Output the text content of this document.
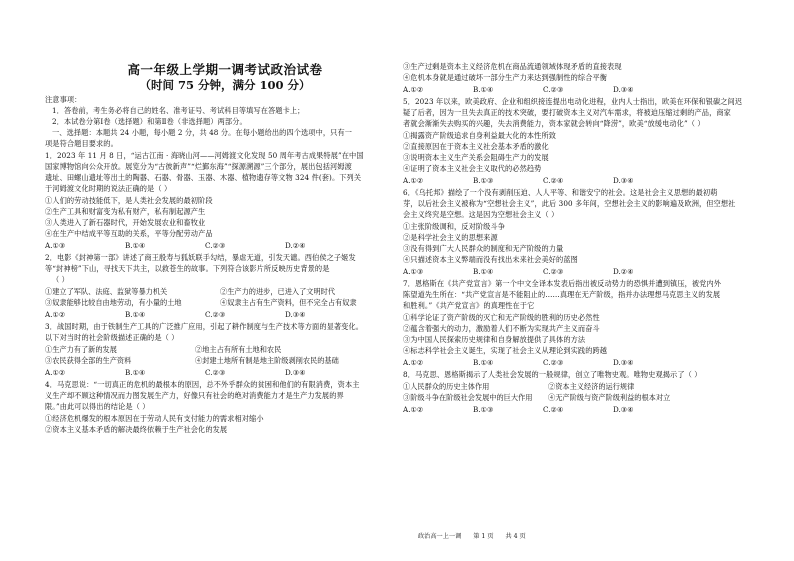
高一年级上学期一调考试政治试卷
（时间 75 分钟，满分 100 分）
注意事项：
1．答卷前，考生务必将自己的姓名、准考证号、考试科目等填写在答题卡上；
2．本试卷分第Ⅰ卷（选择题）和第Ⅱ卷（非选择题）两部分。
一、选择题：本题共 24 小题，每小题 2 分，共 48 分。在每小题给出的四个选项中，只有一
项是符合题目要求的。
1．2023 年 11 月 8 日，“运古江南 · 海晓山河——河姆渡文化发现 50 周年考古成果特展”在中国
国家博物馆向公众开放。展览分为“古彼新声”“烂鄞东海”“探源溯源”三个部分，展出包括河姆渡
遗址、田螺山遗址等出土的陶器、石器、骨器、玉器、木器、植物遗存等文物 324 件(套)。下列关
于河姆渡文化时期的说法正确的是（ ）
①人们的劳动技能低下，是人类社会发展的最初阶段
②生产工具和财富变为私有财产，私有制起源产生
③人类进入了新石器时代，开始发展农业和畜牧业
④在生产中结成平等互助的关系，平等分配劳动产品
A.①③	B.①④	C.②③	D.②④
2．电影《封神第一部》讲述了商王殷寿与狐妖联手勾结，暴虐无道，引发天谴。西伯侯之子姬发
等“封神榜”下山，寻找天下共主，以救苍生的故事。下列符合该影片所反映历史背景的是
（ ）
①建立了军队、法庭、监狱等暴力机关	②生产力的进步，已进入了文明时代
③奴隶能够比较自由地劳动，有小量的土地	④奴隶主占有生产资料，但不完全占有奴隶
A.①②	B.①④	C.②③	D.③④
3．战国时期，由于铁制生产工具的广泛推广应用，引起了耕作制度与生产技术等方面的显著变化。
以下对当时的社会阶级描述正确的是（ ）
①生产力有了新的发展	②地主占有所有土地和农民
③农民获得全部的生产资料	④封建土地所有制是地主阶级剥削农民的基础
A.①②	B.①④	C.②③	D.③④
4．马克思说：“一切真正的危机的最根本的原因，总不外乎群众的贫困和他们的有限消费，资本主
义生产却不顾这种情况而力图发展生产力，好像只有社会的绝对消费能力才是生产力发展的界
限。”由此可以得出的结论是（ ）
①经济危机爆发的根本原因在于劳动人民有支付能力的需求相对缩小
②资本主义基本矛盾的解决最终依赖于生产社会化的发展
③生产过剩是资本主义经济危机在商品流通领域体现矛盾的直接表现
④危机本身就是通过破坏一部分生产力来达到强制性的综合平衡
A.①②	B.①④	C.②③	D.③④
5．2023 年以来，欧美政府、企业和组织接连提出电动化进程，业内人士指出，欧美在环保和银碳之间迟
疑了后者，因为一旦失去真正的技术突破，要打破资本主义对汽车需求，将被迫压缩过剩的产品，商家
者就会渐渐失去购买的兴趣，失去消费能力，资本家就会转向“降涝”，欧美“放缓电动化”（ ）
①揭露资产阶级追求自身利益最大化的本性所致
②直接原因在于资本主义社会基本矛盾的激化
③说明资本主义生产关系会阻碍生产力的发展
④证明了资本主义社会主义取代的必然趋势
A.①②	B.①③	C.②④	D.③④
6．《乌托邦》描绘了一个没有剥削压迫、人人平等、和谐安宁的社会。这是社会主义思想的最初萌
芽，以后社会主义被称为“空想社会主义”，此后 300 多年间，空想社会主义的影响遍及欧洲，但空想社
会主义终究是空想。这是因为空想社会主义（ ）
①主张阶级调和，反对阶级斗争
②是科学社会主义的思想来源
③没有得到广大人民群众的制度和无产阶级的力量
④只描述资本主义弊端而没有找出未来社会美好的蓝图
A.①③	B.①④	C.②③	D.②④
7．恩格斯在《共产党宣言》第一个中文全译本发表后指出被反动势力的恐惧并遭到镇压，被党内外
陈望道先生所在：“共产党宣言是不能阻止的……真理在无产阶级，指并办法理想马克思主义的发展
和胜利。”《共产党宣言》的真理性在于它
①科学论证了资产阶级的灭亡和无产阶级的胜利的历史必然性
②蕴含着强大的动力，激励着人们不断为实现共产主义而奋斗
③为中国人民探索历史规律和自身解放提供了具体的方法
④标志科学社会主义诞生，实现了社会主义从理论到实践的跨越
A.①②	B.①④	C.②③	D.③④
8．马克思、恩格斯揭示了人类社会发展的一般规律，创立了唯物史观。唯物史观揭示了（ ）
①人民群众的历史主体作用	②资本主义经济的运行规律
③阶级斗争在阶级社会发展中的巨大作用 ④无产阶级与资产阶级利益的根本对立
A.①②	B.①③	C.②④	D.③④
政治高一上一调 第 1 页 共 4 页
